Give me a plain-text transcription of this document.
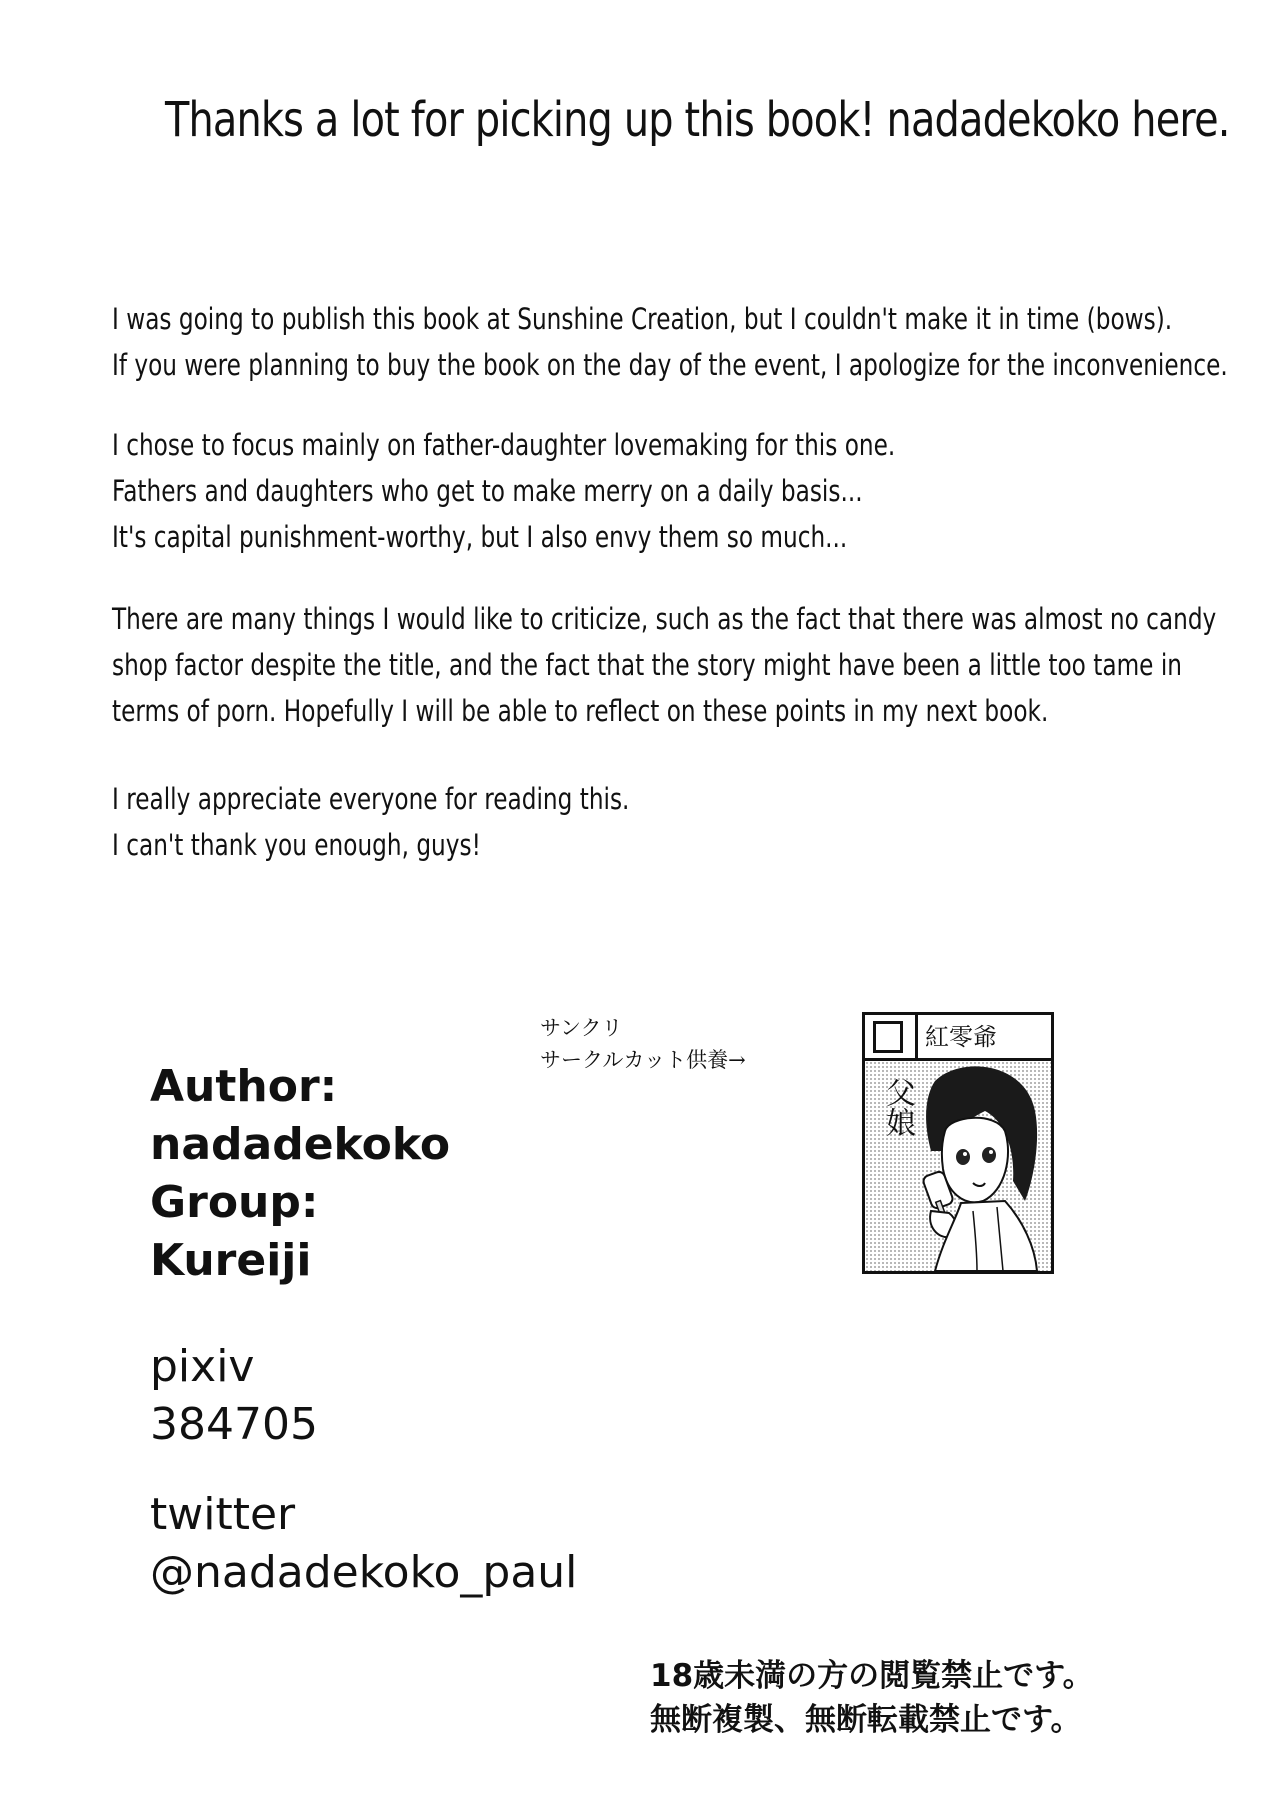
Thanks a lot for picking up this book! nadadekoko here.
I was going to publish this book at Sunshine Creation, but I couldn't make it in time (bows).
If you were planning to buy the book on the day of the event, I apologize for the inconvenience.
I chose to focus mainly on father-daughter lovemaking for this one.
Fathers and daughters who get to make merry on a daily basis...
It's capital punishment-worthy, but I also envy them so much...
There are many things I would like to criticize, such as the fact that there was almost no candy
shop factor despite the title, and the fact that the story might have been a little too tame in
terms of porn. Hopefully I will be able to reflect on these points in my next book.
I really appreciate everyone for reading this.
I can't thank you enough, guys!
サンクリ
サークルカット供養→
紅零爺
父娘
Author:
nadadekoko
Group:
Kureiji
pixiv
384705
twitter
@nadadekoko_paul
18歳未満の方の閲覧禁止です。
無断複製、無断転載禁止です。
